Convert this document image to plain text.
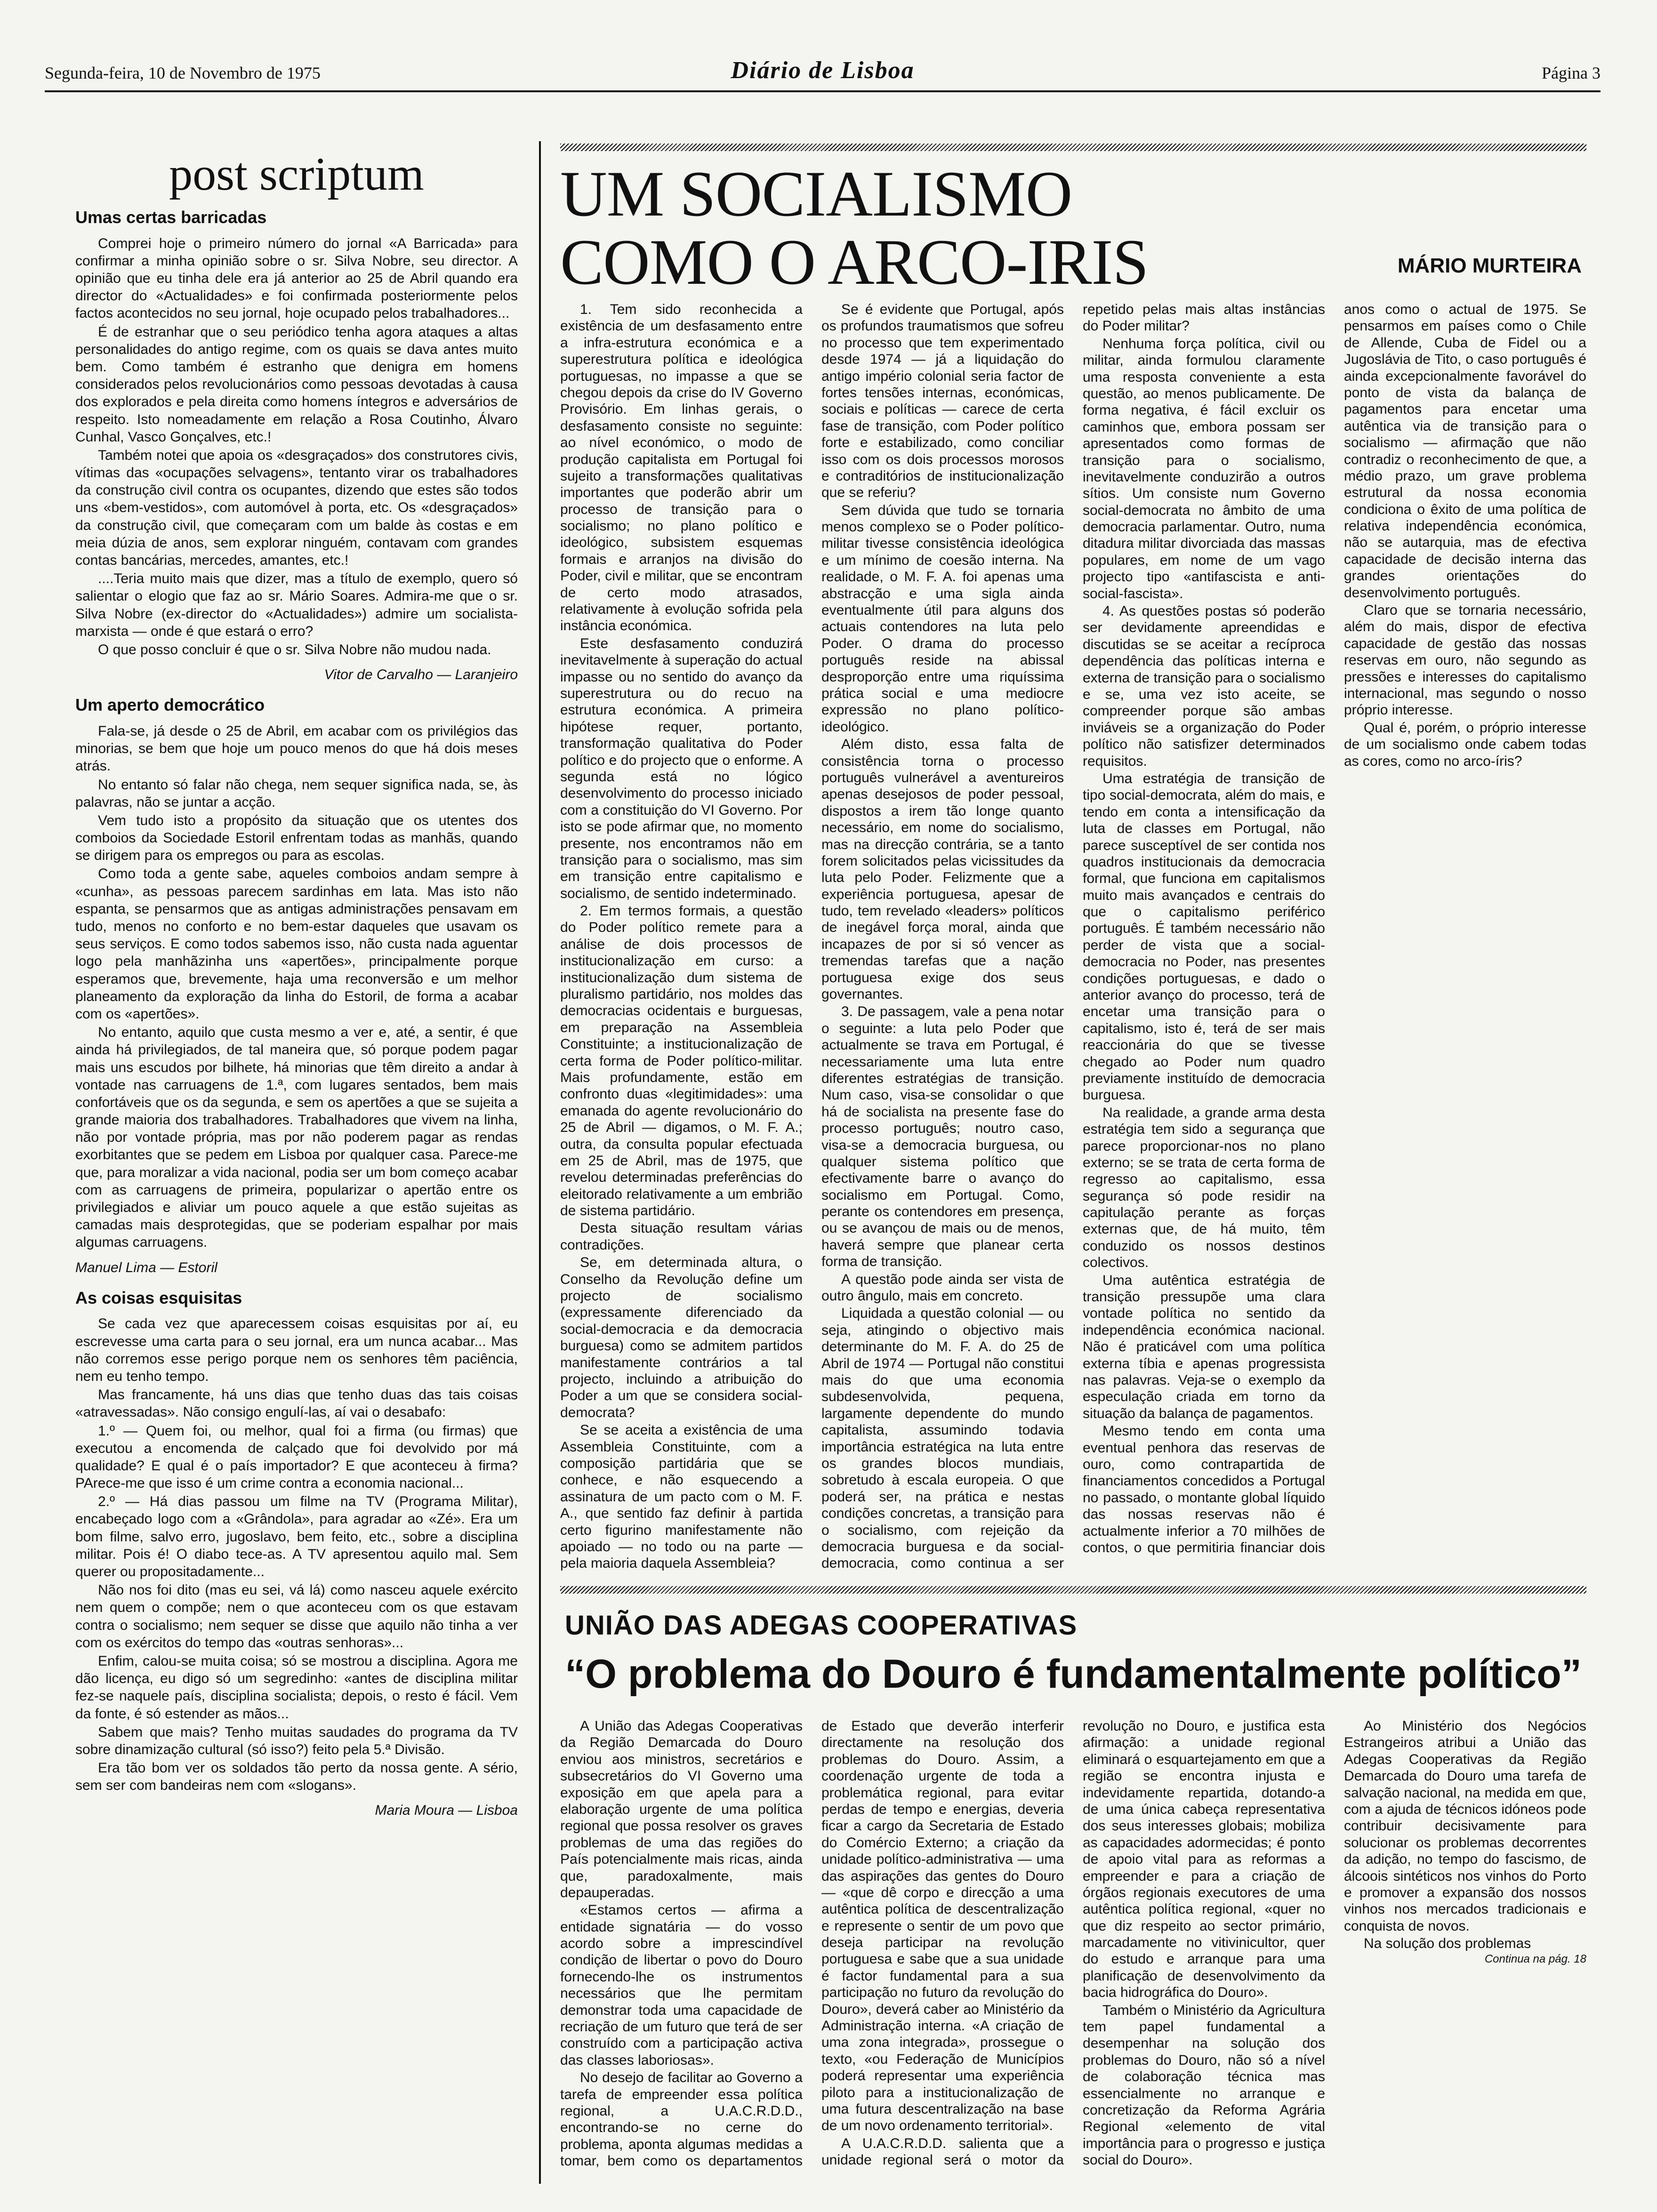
Segunda-feira, 10 de Novembro de 1975	Diário de Lisboa	Página 3
post scriptum
Umas certas barricadas

Comprei hoje o primeiro número do jornal «A Barricada» para confirmar a minha opinião sobre o sr. Silva Nobre, seu director. A opinião que eu tinha dele era já anterior ao 25 de Abril quando era director do «Actualidades» e foi confirmada posteriormente pelos factos acontecidos no seu jornal, hoje ocupado pelos trabalhadores...

É de estranhar que o seu periódico tenha agora ataques a altas personalidades do antigo regime, com os quais se dava antes muito bem. Como também é estranho que denigra em homens considerados pelos revolucionários como pessoas devotadas à causa dos explorados e pela direita como homens íntegros e adversários de respeito. Isto nomeadamente em relação a Rosa Coutinho, Álvaro Cunhal, Vasco Gonçalves, etc.!

Também notei que apoia os «desgraçados» dos construtores civis, vítimas das «ocupações selvagens», tentanto virar os trabalhadores da construção civil contra os ocupantes, dizendo que estes são todos uns «bem-vestidos», com automóvel à porta, etc. Os «desgraçados» da construção civil, que começaram com um balde às costas e em meia dúzia de anos, sem explorar ninguém, contavam com grandes contas bancárias, mercedes, amantes, etc.!

....Teria muito mais que dizer, mas a título de exemplo, quero só salientar o elogio que faz ao sr. Mário Soares. Admira-me que o sr. Silva Nobre (ex-director do «Actualidades») admire um socialista-marxista — onde é que estará o erro?

O que posso concluir é que o sr. Silva Nobre não mudou nada.

Vitor de Carvalho — Laranjeiro
Um aperto democrático

Fala-se, já desde o 25 de Abril, em acabar com os privilégios das minorias, se bem que hoje um pouco menos do que há dois meses atrás.

No entanto só falar não chega, nem sequer significa nada, se, às palavras, não se juntar a acção.

Vem tudo isto a propósito da situação que os utentes dos comboios da Sociedade Estoril enfrentam todas as manhãs, quando se dirigem para os empregos ou para as escolas.

Como toda a gente sabe, aqueles comboios andam sempre à «cunha», as pessoas parecem sardinhas em lata. Mas isto não espanta, se pensarmos que as antigas administrações pensavam em tudo, menos no conforto e no bem-estar daqueles que usavam os seus serviços. E como todos sabemos isso, não custa nada aguentar logo pela manhãzinha uns «apertões», principalmente porque esperamos que, brevemente, haja uma reconversão e um melhor planeamento da exploração da linha do Estoril, de forma a acabar com os «apertões».

No entanto, aquilo que custa mesmo a ver e, até, a sentir, é que ainda há privilegiados, de tal maneira que, só porque podem pagar mais uns escudos por bilhete, há minorias que têm direito a andar à vontade nas carruagens de 1.ª, com lugares sentados, bem mais confortáveis que os da segunda, e sem os apertões a que se sujeita a grande maioria dos trabalhadores. Trabalhadores que vivem na linha, não por vontade própria, mas por não poderem pagar as rendas exorbitantes que se pedem em Lisboa por qualquer casa. Parece-me que, para moralizar a vida nacional, podia ser um bom começo acabar com as carruagens de primeira, popularizar o apertão entre os privilegiados e aliviar um pouco aquele a que estão sujeitas as camadas mais desprotegidas, que se poderiam espalhar por mais algumas carruagens.

Manuel Lima — Estoril
As coisas esquisitas

Se cada vez que aparecessem coisas esquisitas por aí, eu escrevesse uma carta para o seu jornal, era um nunca acabar... Mas não corremos esse perigo porque nem os senhores têm paciência, nem eu tenho tempo.

Mas francamente, há uns dias que tenho duas das tais coisas «atravessadas». Não consigo engulí-las, aí vai o desabafo:

1.º — Quem foi, ou melhor, qual foi a firma (ou firmas) que executou a encomenda de calçado que foi devolvido por má qualidade? E qual é o país importador? E que aconteceu à firma? PArece-me que isso é um crime contra a economia nacional...

2.º — Há dias passou um filme na TV (Programa Militar), encabeçado logo com a «Grândola», para agradar ao «Zé». Era um bom filme, salvo erro, jugoslavo, bem feito, etc., sobre a disciplina militar. Pois é! O diabo tece-as. A TV apresentou aquilo mal. Sem querer ou propositadamente...

Não nos foi dito (mas eu sei, vá lá) como nasceu aquele exército nem quem o compõe; nem o que aconteceu com os que estavam contra o socialismo; nem sequer se disse que aquilo não tinha a ver com os exércitos do tempo das «outras senhoras»...

Enfim, calou-se muita coisa; só se mostrou a disciplina. Agora me dão licença, eu digo só um segredinho: «antes de disciplina militar fez-se naquele país, disciplina socialista; depois, o resto é fácil. Vem da fonte, é só estender as mãos...

Sabem que mais? Tenho muitas saudades do programa da TV sobre dinamização cultural (só isso?) feito pela 5.ª Divisão.

Era tão bom ver os soldados tão perto da nossa gente. A sério, sem ser com bandeiras nem com «slogans».

Maria Moura — Lisboa
UM SOCIALISMO
COMO O ARCO-IRIS	MÁRIO MURTEIRA

1. Tem sido reconhecida a existência de um desfasamento entre a infra-estrutura económica e a superestrutura política e ideológica portuguesas, no impasse a que se chegou depois da crise do IV Governo Provisório. Em linhas gerais, o desfasamento consiste no seguinte: ao nível económico, o modo de produção capitalista em Portugal foi sujeito a transformações qualitativas importantes que poderão abrir um processo de transição para o socialismo; no plano político e ideológico, subsistem esquemas formais e arranjos na divisão do Poder, civil e militar, que se encontram de certo modo atrasados, relativamente à evolução sofrida pela instância económica.

Este desfasamento conduzirá inevitavelmente à superação do actual impasse ou no sentido do avanço da superestrutura ou do recuo na estrutura económica. A primeira hipótese requer, portanto, transformação qualitativa do Poder político e do projecto que o enforme. A segunda está no lógico desenvolvimento do processo iniciado com a constituição do VI Governo. Por isto se pode afirmar que, no momento presente, nos encontramos não em transição para o socialismo, mas sim em transição entre capitalismo e socialismo, de sentido indeterminado.

2. Em termos formais, a questão do Poder político remete para a análise de dois processos de institucionalização em curso: a institucionalização dum sistema de pluralismo partidário, nos moldes das democracias ocidentais e burguesas, em preparação na Assembleia Constituinte; a institucionalização de certa forma de Poder político-militar. Mais profundamente, estão em confronto duas «legitimidades»: uma emanada do agente revolucionário do 25 de Abril — digamos, o M. F. A.; outra, da consulta popular efectuada em 25 de Abril, mas de 1975, que revelou determinadas preferências do eleitorado relativamente a um embrião de sistema partidário.

Desta situação resultam várias contradições.

Se, em determinada altura, o Conselho da Revolução define um projecto de socialismo (expressamente diferenciado da social-democracia e da democracia burguesa) como se admitem partidos manifestamente contrários a tal projecto, incluindo a atribuição do Poder a um que se considera social-democrata?

Se se aceita a existência de uma Assembleia Constituinte, com a composição partidária que se conhece, e não esquecendo a assinatura de um pacto com o M. F. A., que sentido faz definir à partida certo figurino manifestamente não apoiado — no todo ou na parte — pela maioria daquela Assembleia?

Se é evidente que Portugal, após os profundos traumatismos que sofreu no processo que tem experimentado desde 1974 — já a liquidação do antigo império colonial seria factor de fortes tensões internas, económicas, sociais e políticas — carece de certa fase de transição, com Poder político forte e estabilizado, como conciliar isso com os dois processos morosos e contraditórios de institucionalização que se referiu?

Sem dúvida que tudo se tornaria menos complexo se o Poder político-militar tivesse consistência ideológica e um mínimo de coesão interna. Na realidade, o M. F. A. foi apenas uma abstracção e uma sigla ainda eventualmente útil para alguns dos actuais contendores na luta pelo Poder. O drama do processo português reside na abissal desproporção entre uma riquíssima prática social e uma mediocre expressão no plano político-ideológico.

Além disto, essa falta de consistência torna o processo português vulnerável a aventureiros apenas desejosos de poder pessoal, dispostos a irem tão longe quanto necessário, em nome do socialismo, mas na direcção contrária, se a tanto forem solicitados pelas vicissitudes da luta pelo Poder. Felizmente que a experiência portuguesa, apesar de tudo, tem revelado «leaders» políticos de inegável força moral, ainda que incapazes de por si só vencer as tremendas tarefas que a nação portuguesa exige dos seus governantes.

3. De passagem, vale a pena notar o seguinte: a luta pelo Poder que actualmente se trava em Portugal, é necessariamente uma luta entre diferentes estratégias de transição. Num caso, visa-se consolidar o que há de socialista na presente fase do processo português; noutro caso, visa-se a democracia burguesa, ou qualquer sistema político que efectivamente barre o avanço do socialismo em Portugal. Como, perante os contendores em presença, ou se avançou de mais ou de menos, haverá sempre que planear certa forma de transição.

A questão pode ainda ser vista de outro ângulo, mais em concreto.

Liquidada a questão colonial — ou seja, atingindo o objectivo mais determinante do M. F. A. do 25 de Abril de 1974 — Portugal não constitui mais do que uma economia subdesenvolvida, pequena, largamente dependente do mundo capitalista, assumindo todavia importância estratégica na luta entre os grandes blocos mundiais, sobretudo à escala europeia. O que poderá ser, na prática e nestas condições concretas, a transição para o socialismo, com rejeição da democracia burguesa e da social-democracia, como continua a ser repetido pelas mais altas instâncias do Poder militar?

Nenhuma força política, civil ou militar, ainda formulou claramente uma resposta conveniente a esta questão, ao menos publicamente. De forma negativa, é fácil excluir os caminhos que, embora possam ser apresentados como formas de transição para o socialismo, inevitavelmente conduzirão a outros sítios. Um consiste num Governo social-democrata no âmbito de uma democracia parlamentar. Outro, numa ditadura militar divorciada das massas populares, em nome de um vago projecto tipo «antifascista e anti-social-fascista».

4. As questões postas só poderão ser devidamente apreendidas e discutidas se se aceitar a recíproca dependência das políticas interna e externa de transição para o socialismo e se, uma vez isto aceite, se compreender porque são ambas inviáveis se a organização do Poder político não satisfizer determinados requisitos.

Uma estratégia de transição de tipo social-democrata, além do mais, e tendo em conta a intensificação da luta de classes em Portugal, não parece susceptível de ser contida nos quadros institucionais da democracia formal, que funciona em capitalismos muito mais avançados e centrais do que o capitalismo periférico português. É também necessário não perder de vista que a social-democracia no Poder, nas presentes condições portuguesas, e dado o anterior avanço do processo, terá de encetar uma transição para o capitalismo, isto é, terá de ser mais reaccionária do que se tivesse chegado ao Poder num quadro previamente instituído de democracia burguesa.

Na realidade, a grande arma desta estratégia tem sido a segurança que parece proporcionar-nos no plano externo; se se trata de certa forma de regresso ao capitalismo, essa segurança só pode residir na capitulação perante as forças externas que, de há muito, têm conduzido os nossos destinos colectivos.

Uma autêntica estratégia de transição pressupõe uma clara vontade política no sentido da independência económica nacional. Não é praticável com uma política externa tíbia e apenas progressista nas palavras. Veja-se o exemplo da especulação criada em torno da situação da balança de pagamentos.

Mesmo tendo em conta uma eventual penhora das reservas de ouro, como contrapartida de financiamentos concedidos a Portugal no passado, o montante global líquido das nossas reservas não é actualmente inferior a 70 milhões de contos, o que permitiria financiar dois anos como o actual de 1975. Se pensarmos em países como o Chile de Allende, Cuba de Fidel ou a Jugoslávia de Tito, o caso português é ainda excepcionalmente favorável do ponto de vista da balança de pagamentos para encetar uma autêntica via de transição para o socialismo — afirmação que não contradiz o reconhecimento de que, a médio prazo, um grave problema estrutural da nossa economia condiciona o êxito de uma política de relativa independência económica, não se autarquia, mas de efectiva capacidade de decisão interna das grandes orientações do desenvolvimento português.

Claro que se tornaria necessário, além do mais, dispor de efectiva capacidade de gestão das nossas reservas em ouro, não segundo as pressões e interesses do capitalismo internacional, mas segundo o nosso próprio interesse.

Qual é, porém, o próprio interesse de um socialismo onde cabem todas as cores, como no arco-íris?

UNIÃO DAS ADEGAS COOPERATIVAS
“O problema do Douro é fundamentalmente político”

A União das Adegas Cooperativas da Região Demarcada do Douro enviou aos ministros, secretários e subsecretários do VI Governo uma exposição em que apela para a elaboração urgente de uma política regional que possa resolver os graves problemas de uma das regiões do País potencialmente mais ricas, ainda que, paradoxalmente, mais depauperadas.

«Estamos certos — afirma a entidade signatária — do vosso acordo sobre a imprescindível condição de libertar o povo do Douro fornecendo-lhe os instrumentos necessários que lhe permitam demonstrar toda uma capacidade de recriação de um futuro que terá de ser construído com a participação activa das classes laboriosas».

No desejo de facilitar ao Governo a tarefa de empreender essa política regional, a U.A.C.R.D.D., encontrando-se no cerne do problema, aponta algumas medidas a tomar, bem como os departamentos de Estado que deverão interferir directamente na resolução dos problemas do Douro. Assim, a coordenação urgente de toda a problemática regional, para evitar perdas de tempo e energias, deveria ficar a cargo da Secretaria de Estado do Comércio Externo; a criação da unidade político-administrativa — uma das aspirações das gentes do Douro — «que dê corpo e direcção a uma autêntica política de descentralização e represente o sentir de um povo que deseja participar na revolução portuguesa e sabe que a sua unidade é factor fundamental para a sua participação no futuro da revolução do Douro», deverá caber ao Ministério da Administração interna. «A criação de uma zona integrada», prossegue o texto, «ou Federação de Municípios poderá representar uma experiência piloto para a institucionalização de uma futura descentralização na base de um novo ordenamento territorial».

A U.A.C.R.D.D. salienta que a unidade regional será o motor da revolução no Douro, e justifica esta afirmação: a unidade regional eliminará o esquartejamento em que a região se encontra injusta e indevidamente repartida, dotando-a de uma única cabeça representativa dos seus interesses globais; mobiliza as capacidades adormecidas; é ponto de apoio vital para as reformas a empreender e para a criação de órgãos regionais executores de uma autêntica política regional, «quer no que diz respeito ao sector primário, marcadamente no vitivinicultor, quer do estudo e arranque para uma planificação de desenvolvimento da bacia hidrográfica do Douro».

Também o Ministério da Agricultura tem papel fundamental a desempenhar na solução dos problemas do Douro, não só a nível de colaboração técnica mas essencialmente no arranque e concretização da Reforma Agrária Regional «elemento de vital importância para o progresso e justiça social do Douro».

Ao Ministério dos Negócios Estrangeiros atribui a União das Adegas Cooperativas da Região Demarcada do Douro uma tarefa de salvação nacional, na medida em que, com a ajuda de técnicos idóneos pode contribuir decisivamente para solucionar os problemas decorrentes da adição, no tempo do fascismo, de álcoois sintéticos nos vinhos do Porto e promover a expansão dos nossos vinhos nos mercados tradicionais e conquista de novos.

Na solução dos problemas

Continua na pág. 18
